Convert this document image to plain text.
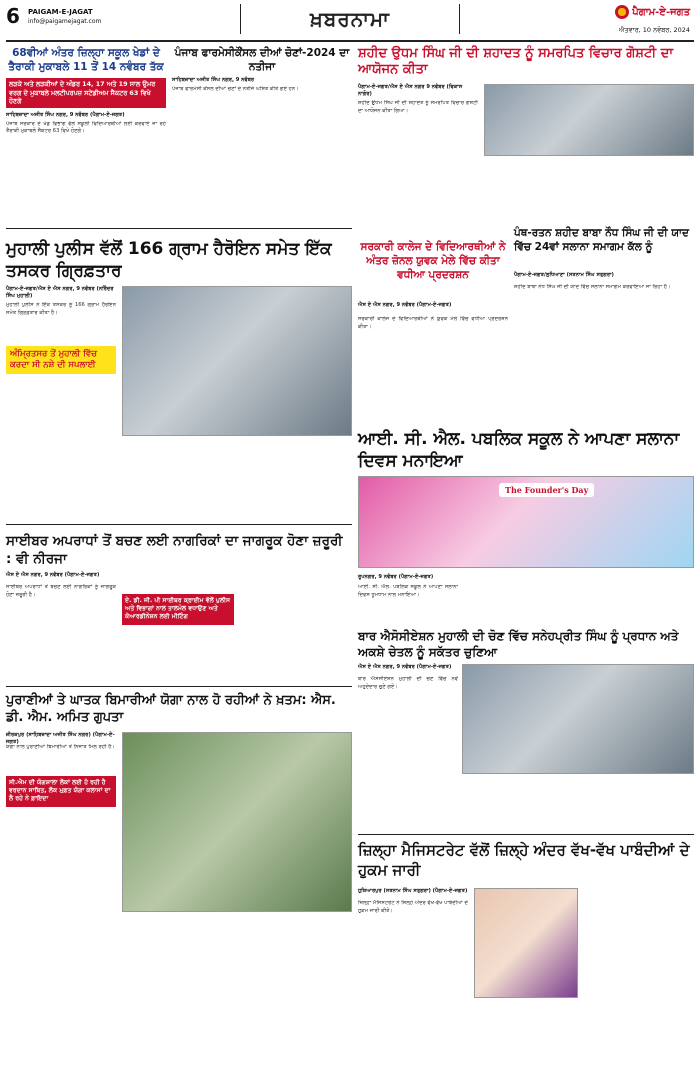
6 PAIGAM-E-JAGAT
info@paigamejagat.com	ਖ਼ਬਰਨਾਮਾ	ਪੈਗਾਮ-ਏ-ਜਗਤ
ਐਤਵਾਰ, 10 ਨਵੰਬਰ, 2024
68ਵੀਆਂ ਅੰਤਰ ਜ਼ਿਲ੍ਹਾ ਸਕੂਲ ਖੇਡਾਂ ਦੇ ਤੈਰਾਕੀ ਮੁਕਾਬਲੇ 11 ਤੋਂ 14 ਨਵੰਬਰ ਤੱਕ
ਲੜਕੇ ਅਤੇ ਲੜਕੀਆਂ ਦੇ ਅੰਡਰ 14, 17 ਅਤੇ 19 ਸਾਲ ਉਮਰ ਵਰਗ ਦੇ ਮੁਕਾਬਲੇ ਮਲਟੀਪਰਪਜ਼ ਸਟੇਡੀਅਮ ਸੈਕਟਰ 63 ਵਿਖੇ ਹੋਣਗੇ
ਸਾਹਿਬਜ਼ਾਦਾ ਅਜੀਤ ਸਿੰਘ ਨਗਰ, 9 ਨਵੰਬਰ (ਪੈਗਾਮ-ਏ-ਜਗਤ)
ਪੰਜਾਬ ਸਰਕਾਰ ਦੇ ਖੇਡ ਵਿਭਾਗ ਵੱਲੋਂ ਸਕੂਲੀ ਵਿਦਿਆਰਥੀਆਂ ਲਈ ਕਰਵਾਏ ਜਾ ਰਹੇ ਤੈਰਾਕੀ ਮੁਕਾਬਲੇ ਸੈਕਟਰ 63 ਵਿਖੇ ਹੋਣਗੇ।
ਪੰਜਾਬ ਫਾਰਮੇਸੀਕੌਂਸਲ ਦੀਆਂ ਚੋਣਾਂ-2024 ਦਾ ਨਤੀਜਾ
ਸਾਹਿਬਜ਼ਾਦਾ ਅਜੀਤ ਸਿੰਘ ਨਗਰ, 9 ਨਵੰਬਰ
ਪੰਜਾਬ ਫਾਰਮੇਸੀ ਕੌਂਸਲ ਦੀਆਂ ਚੋਣਾਂ ਦੇ ਨਤੀਜੇ ਘੋਸ਼ਿਤ ਕੀਤੇ ਗਏ ਹਨ।
ਸ਼ਹੀਦ ਉਧਮ ਸਿੰਘ ਜੀ ਦੀ ਸ਼ਹਾਦਤ ਨੂੰ ਸਮਰਪਿਤ ਵਿਚਾਰ ਗੋਸ਼ਟੀ ਦਾ ਆਯੋਜਨ ਕੀਤਾ
ਪੈਗਾਮ-ਏ-ਜਗਤ/ਐਸ ਏ ਐਸ ਨਗਰ 9 ਨਵੰਬਰ (ਵਿਕਾਸ ਨਾਗੋਰ)
ਸ਼ਹੀਦ ਉਧਮ ਸਿੰਘ ਜੀ ਦੀ ਸ਼ਹਾਦਤ ਨੂੰ ਸਮਰਪਿਤ ਵਿਚਾਰ ਗੋਸ਼ਟੀ ਦਾ ਆਯੋਜਨ ਕੀਤਾ ਗਿਆ।
ਮੁਹਾਲੀ ਪੁਲੀਸ ਵੱਲੋਂ 166 ਗ੍ਰਾਮ ਹੈਰੋਇਨ ਸਮੇਤ ਇੱਕ ਤਸਕਰ ਗ੍ਰਿਫ਼ਤਾਰ
ਪੈਗਾਮ-ਏ-ਜਗਤ/ਐਸ ਏ ਐਸ ਨਗਰ, 9 ਨਵੰਬਰ (ਨਰਿੰਦਰ ਸਿੰਘ ਮੁਹਾਲੀ)
ਮੁਹਾਲੀ ਪੁਲੀਸ ਨੇ ਇੱਕ ਤਸਕਰ ਨੂੰ 166 ਗ੍ਰਾਮ ਹੈਰੋਇਨ ਸਮੇਤ ਗ੍ਰਿਫ਼ਤਾਰ ਕੀਤਾ ਹੈ।
ਅੰਮ੍ਰਿਤਸਰ ਤੋਂ ਮੁਹਾਲੀ ਵਿੱਚ ਕਰਦਾ ਸੀ ਨਸ਼ੇ ਦੀ ਸਪਲਾਈ
ਸਰਕਾਰੀ ਕਾਲੇਜ ਦੇ ਵਿਦਿਆਰਥੀਆਂ ਨੇ ਅੰਤਰ ਜ਼ੋਨਲ ਯੁਵਕ ਮੇਲੇ ਵਿੱਚ ਕੀਤਾ ਵਧੀਆ ਪ੍ਰਦਰਸ਼ਨ
ਐਸ ਏ ਐਸ ਨਗਰ, 9 ਨਵੰਬਰ (ਪੈਗਾਮ-ਏ-ਜਗਤ)
ਸਰਕਾਰੀ ਕਾਲੇਜ ਦੇ ਵਿਦਿਆਰਥੀਆਂ ਨੇ ਯੁਵਕ ਮੇਲੇ ਵਿੱਚ ਵਧੀਆ ਪ੍ਰਦਰਸ਼ਨ ਕੀਤਾ।
ਪੰਥ-ਰਤਨ ਸ਼ਹੀਦ ਬਾਬਾ ਨੌਧ ਸਿੰਘ ਜੀ ਦੀ ਯਾਦ ਵਿੱਚ 24ਵਾਂ ਸਲਾਨਾ ਸਮਾਗਮ ਕੱਲ ਨੂੰ
ਪੈਗਾਮ-ਏ-ਜਗਤ/ਲੁਧਿਆਣਾ (ਸਤਨਾਮ ਸਿੰਘ ਸਤੁਗਰਾ)
ਸ਼ਹੀਦ ਬਾਬਾ ਨੌਧ ਸਿੰਘ ਜੀ ਦੀ ਯਾਦ ਵਿੱਚ ਸਲਾਨਾ ਸਮਾਗਮ ਕਰਵਾਇਆ ਜਾ ਰਿਹਾ ਹੈ।
ਆਈ. ਸੀ. ਐਲ. ਪਬਲਿਕ ਸਕੂਲ ਨੇ ਆਪਣਾ ਸਲਾਨਾ ਦਿਵਸ ਮਨਾਇਆ
The Founder's Day
ਰੂਪਨਗਰ, 9 ਨਵੰਬਰ (ਪੈਗਾਮ-ਏ-ਜਗਤ)
ਆਈ. ਸੀ. ਐਲ. ਪਬਲਿਕ ਸਕੂਲ ਨੇ ਆਪਣਾ ਸਲਾਨਾ ਦਿਵਸ ਧੂਮਧਾਮ ਨਾਲ ਮਨਾਇਆ।
ਸਾਈਬਰ ਅਪਰਾਧਾਂ ਤੋਂ ਬਚਣ ਲਈ ਨਾਗਰਿਕਾਂ ਦਾ ਜਾਗਰੂਕ ਹੋਣਾ ਜ਼ਰੂਰੀ : ਵੀ ਨੀਰਜਾ
ਐਸ ਏ ਐਸ ਨਗਰ, 9 ਨਵੰਬਰ (ਪੈਗਾਮ-ਏ-ਜਗਤ)
ਸਾਈਬਰ ਅਪਰਾਧਾਂ ਤੋਂ ਬਚਣ ਲਈ ਨਾਗਰਿਕਾਂ ਨੂੰ ਜਾਗਰੂਕ ਹੋਣਾ ਜ਼ਰੂਰੀ ਹੈ।
ਏ. ਡੀ. ਜੀ. ਪੀ ਸਾਈਬਰ ਕ੍ਰਾਈਮ ਵੱਲੋਂ ਪੁਲੀਸ ਅਤੇ ਵਿਭਾਗਾਂ ਨਾਲ ਤਾਲਮੇਲ ਵਧਾਉਣ ਅਤੇ ਕੋਆਰਡੀਨੇਸ਼ਨ ਲਈ ਮੀਟਿੰਗ
ਬਾਰ ਐਸੋਸੀਏਸ਼ਨ ਮੁਹਾਲੀ ਦੀ ਚੋਣ ਵਿੱਚ ਸਨੇਹਪ੍ਰੀਤ ਸਿੰਘ ਨੂੰ ਪ੍ਰਧਾਨ ਅਤੇ ਅਕਸ਼ੇ ਚੇਤਲ ਨੂੰ ਸਕੱਤਰ ਚੁਣਿਆ
ਐਸ ਏ ਐਸ ਨਗਰ, 9 ਨਵੰਬਰ (ਪੈਗਾਮ-ਏ-ਜਗਤ)
ਬਾਰ ਐਸੋਸੀਏਸ਼ਨ ਮੁਹਾਲੀ ਦੀ ਚੋਣ ਵਿੱਚ ਨਵੇਂ ਅਹੁਦੇਦਾਰ ਚੁਣੇ ਗਏ।
ਪੁਰਾਣੀਆਂ ਤੇ ਘਾਤਕ ਬਿਮਾਰੀਆਂ ਯੋਗਾ ਨਾਲ ਹੋ ਰਹੀਆਂ ਨੇ ਖ਼ਤਮ: ਐਸ. ਡੀ. ਐਮ. ਅਮਿਤ ਗੁਪਤਾ
ਜ਼ੀਰਕਪੁਰ (ਸਾਹਿਬਜ਼ਾਦਾ ਅਜੀਤ ਸਿੰਘ ਨਗਰ) (ਪੈਗਾਮ-ਏ-ਜਗਤ)
ਯੋਗਾ ਨਾਲ ਪੁਰਾਣੀਆਂ ਬਿਮਾਰੀਆਂ ਤੋਂ ਨਿਜਾਤ ਮਿਲ ਰਹੀ ਹੈ।
ਸੀ.ਐਮ ਦੀ ਯੋਗਸ਼ਾਲਾ ਲੋਕਾਂ ਲਈ ਹੋ ਰਹੀ ਹੈ ਵਰਦਾਨ ਸਾਬਿਤ, ਲੋਕ ਮੁਫ਼ਤ ਯੋਗਾ ਕਲਾਸਾਂ ਦਾ ਲੈ ਰਹੇ ਨੇ ਫ਼ਾਇਦਾ
ਜ਼ਿਲ੍ਹਾ ਮੈਜਿਸਟਰੇਟ ਵੱਲੋਂ ਜ਼ਿਲ੍ਹੇ ਅੰਦਰ ਵੱਖ-ਵੱਖ ਪਾਬੰਦੀਆਂ ਦੇ ਹੁਕਮ ਜਾਰੀ
ਹੁਸ਼ਿਆਰਪੁਰ (ਸਤਨਾਮ ਸਿੰਘ ਸਤੁਗਰਾ) (ਪੈਗਾਮ-ਏ-ਜਗਤ)
ਜ਼ਿਲ੍ਹਾ ਮੈਜਿਸਟਰੇਟ ਨੇ ਜ਼ਿਲ੍ਹੇ ਅੰਦਰ ਵੱਖ-ਵੱਖ ਪਾਬੰਦੀਆਂ ਦੇ ਹੁਕਮ ਜਾਰੀ ਕੀਤੇ।
